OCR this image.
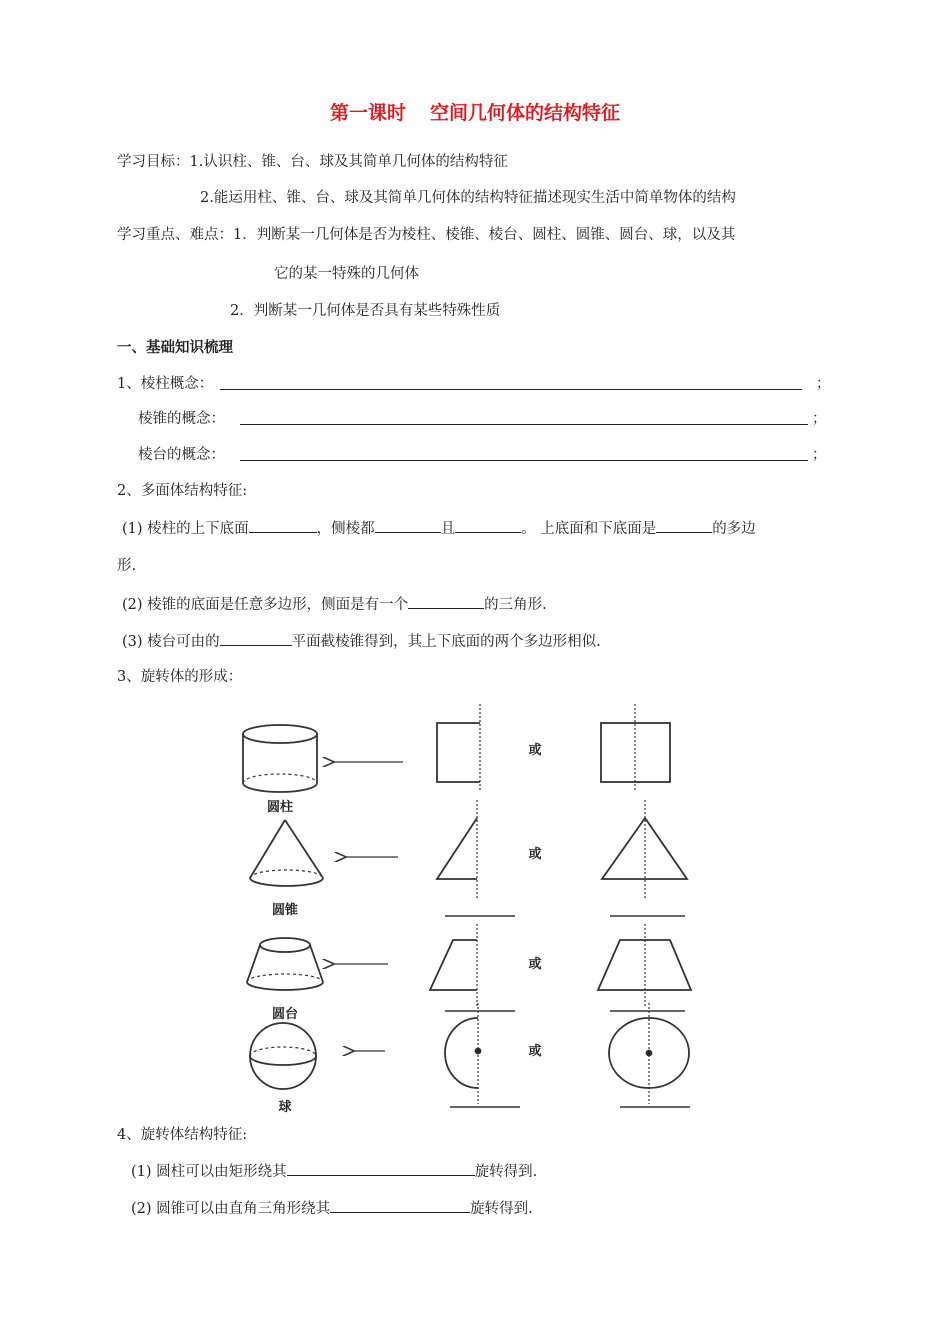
第一课时 空间几何体的结构特征
学习目标：1.认识柱、锥、台、球及其简单几何体的结构特征
2.能运用柱、锥、台、球及其简单几何体的结构特征描述现实生活中简单物体的结构
学习重点、难点：1．判断某一几何体是否为棱柱、棱锥、棱台、圆柱、圆锥、圆台、球，以及其
它的某一特殊的几何体
2．判断某一几何体是否具有某些特殊性质
一、基础知识梳理
1、棱柱概念：	；
棱锥的概念：	；
棱台的概念：	；
2、多面体结构特征:
(1) 棱柱的上下底面	，侧棱都	且	。 上底面和下底面是	的多边
形.
(2) 棱锥的底面是任意多边形，侧面是有一个	的三角形.
(3) 棱台可由的	平面截棱锥得到，其上下底面的两个多边形相似.
3、旋转体的形成：
圆柱
圆锥
圆台
球
或
或
或
或
4、旋转体结构特征:
(1) 圆柱可以由矩形绕其	旋转得到.
(2) 圆锥可以由直角三角形绕其	旋转得到.
